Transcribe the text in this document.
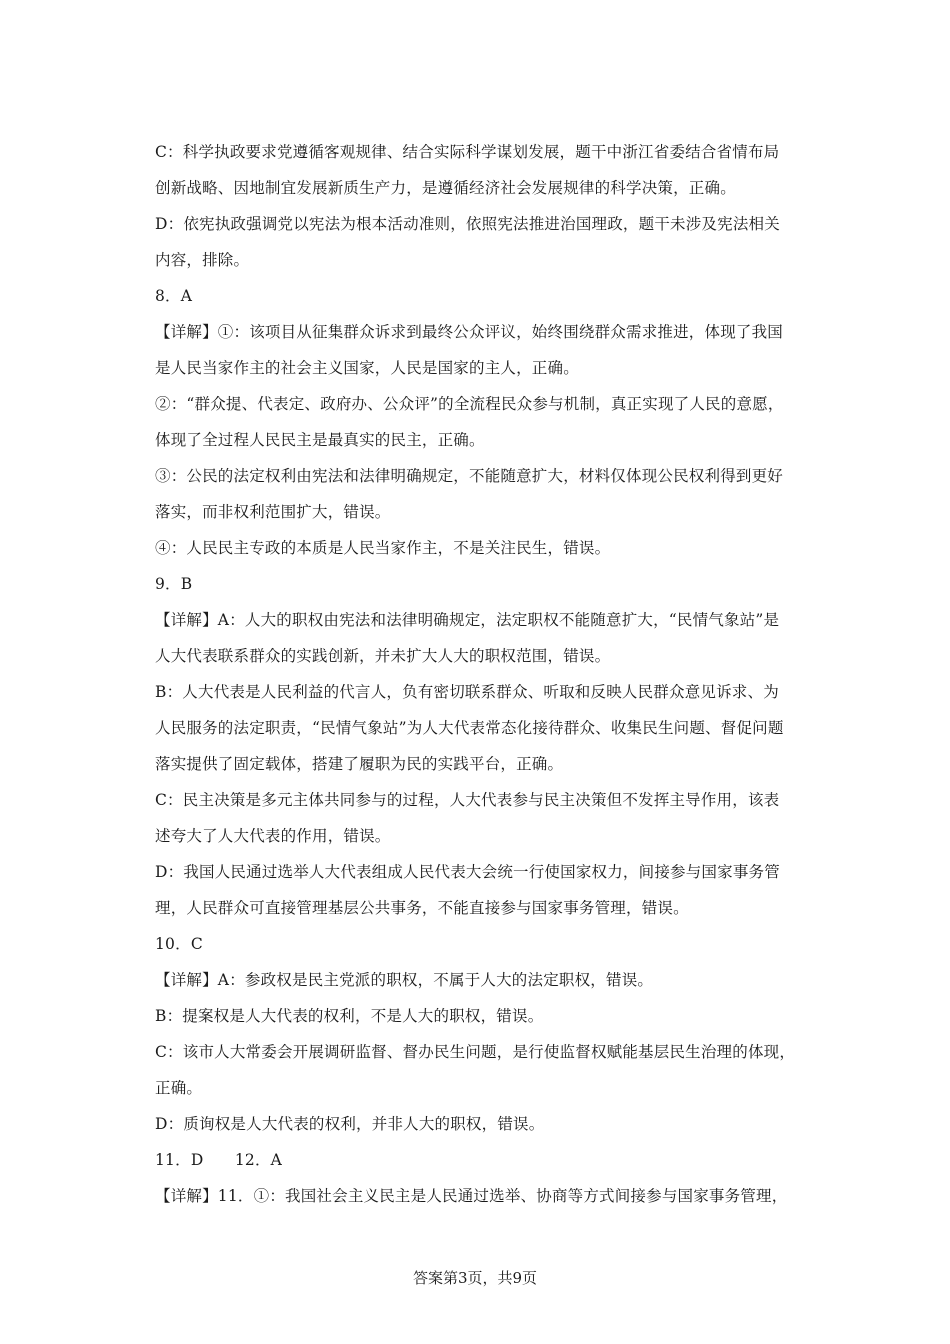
C：科学执政要求党遵循客观规律、结合实际科学谋划发展，题干中浙江省委结合省情布局
创新战略、因地制宜发展新质生产力，是遵循经济社会发展规律的科学决策，正确。
D：依宪执政强调党以宪法为根本活动准则，依照宪法推进治国理政，题干未涉及宪法相关
内容，排除。
8．A
【详解】①：该项目从征集群众诉求到最终公众评议，始终围绕群众需求推进，体现了我国
是人民当家作主的社会主义国家，人民是国家的主人，正确。
②：“群众提、代表定、政府办、公众评”的全流程民众参与机制，真正实现了人民的意愿，
体现了全过程人民民主是最真实的民主，正确。
③：公民的法定权利由宪法和法律明确规定，不能随意扩大，材料仅体现公民权利得到更好
落实，而非权利范围扩大，错误。
④：人民民主专政的本质是人民当家作主，不是关注民生，错误。
9．B
【详解】A：人大的职权由宪法和法律明确规定，法定职权不能随意扩大，“民情气象站”是
人大代表联系群众的实践创新，并未扩大人大的职权范围，错误。
B：人大代表是人民利益的代言人，负有密切联系群众、听取和反映人民群众意见诉求、为
人民服务的法定职责，“民情气象站”为人大代表常态化接待群众、收集民生问题、督促问题
落实提供了固定载体，搭建了履职为民的实践平台，正确。
C：民主决策是多元主体共同参与的过程，人大代表参与民主决策但不发挥主导作用，该表
述夸大了人大代表的作用，错误。
D：我国人民通过选举人大代表组成人民代表大会统一行使国家权力，间接参与国家事务管
理，人民群众可直接管理基层公共事务，不能直接参与国家事务管理，错误。
10．C
【详解】A：参政权是民主党派的职权，不属于人大的法定职权，错误。
B：提案权是人大代表的权利，不是人大的职权，错误。
C：该市人大常委会开展调研监督、督办民生问题，是行使监督权赋能基层民生治理的体现，
正确。
D：质询权是人大代表的权利，并非人大的职权，错误。
11．D　　12．A
【详解】11．①：我国社会主义民主是人民通过选举、协商等方式间接参与国家事务管理，
答案第3页，共9页
